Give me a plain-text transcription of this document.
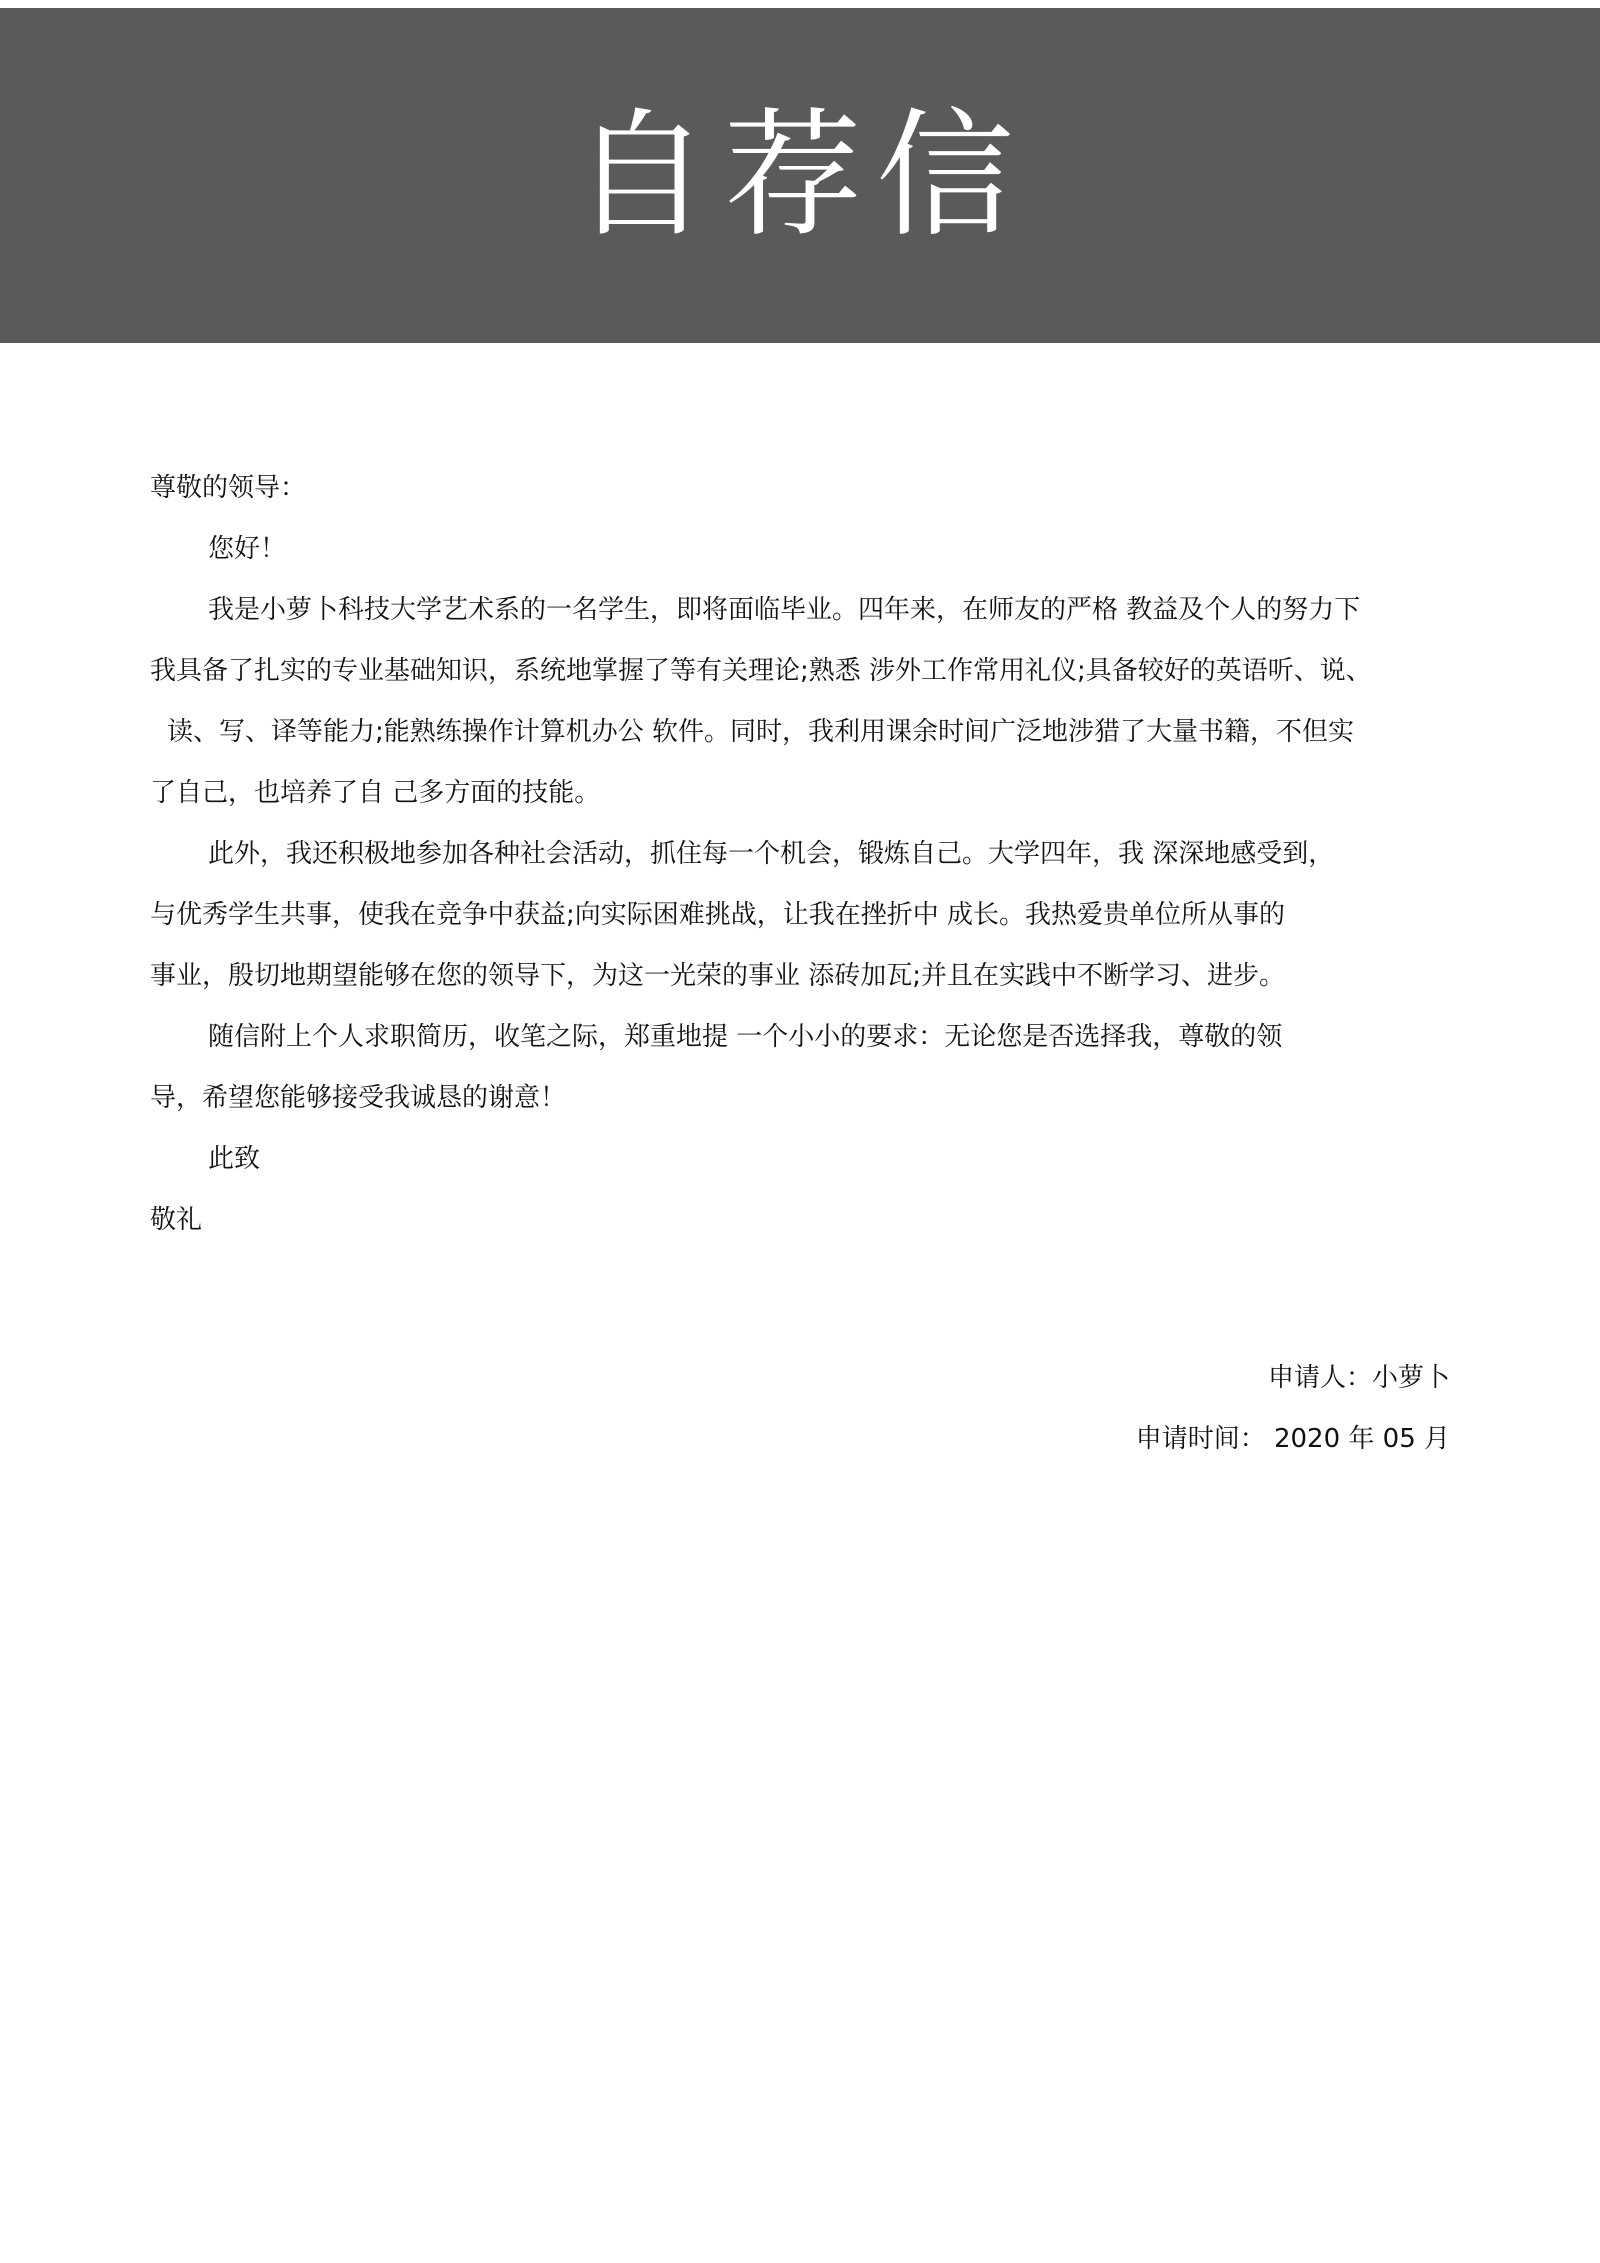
自荐信
尊敬的领导：
您好！
我是小萝卜科技大学艺术系的一名学生，即将面临毕业。四年来，在师友的严格 教益及个人的努力下
我具备了扎实的专业基础知识，系统地掌握了等有关理论;熟悉 涉外工作常用礼仪;具备较好的英语听、说、
读、写、译等能力;能熟练操作计算机办公 软件。同时，我利用课余时间广泛地涉猎了大量书籍，不但实
了自己，也培养了自 己多方面的技能。
此外，我还积极地参加各种社会活动，抓住每一个机会，锻炼自己。大学四年，我 深深地感受到，
与优秀学生共事，使我在竞争中获益;向实际困难挑战，让我在挫折中 成长。我热爱贵单位所从事的
事业，殷切地期望能够在您的领导下，为这一光荣的事业 添砖加瓦;并且在实践中不断学习、进步。
随信附上个人求职简历，收笔之际，郑重地提 一个小小的要求：无论您是否选择我，尊敬的领
导，希望您能够接受我诚恳的谢意！
此致
敬礼
申请人：小萝卜
申请时间： 2020 年 05 月
